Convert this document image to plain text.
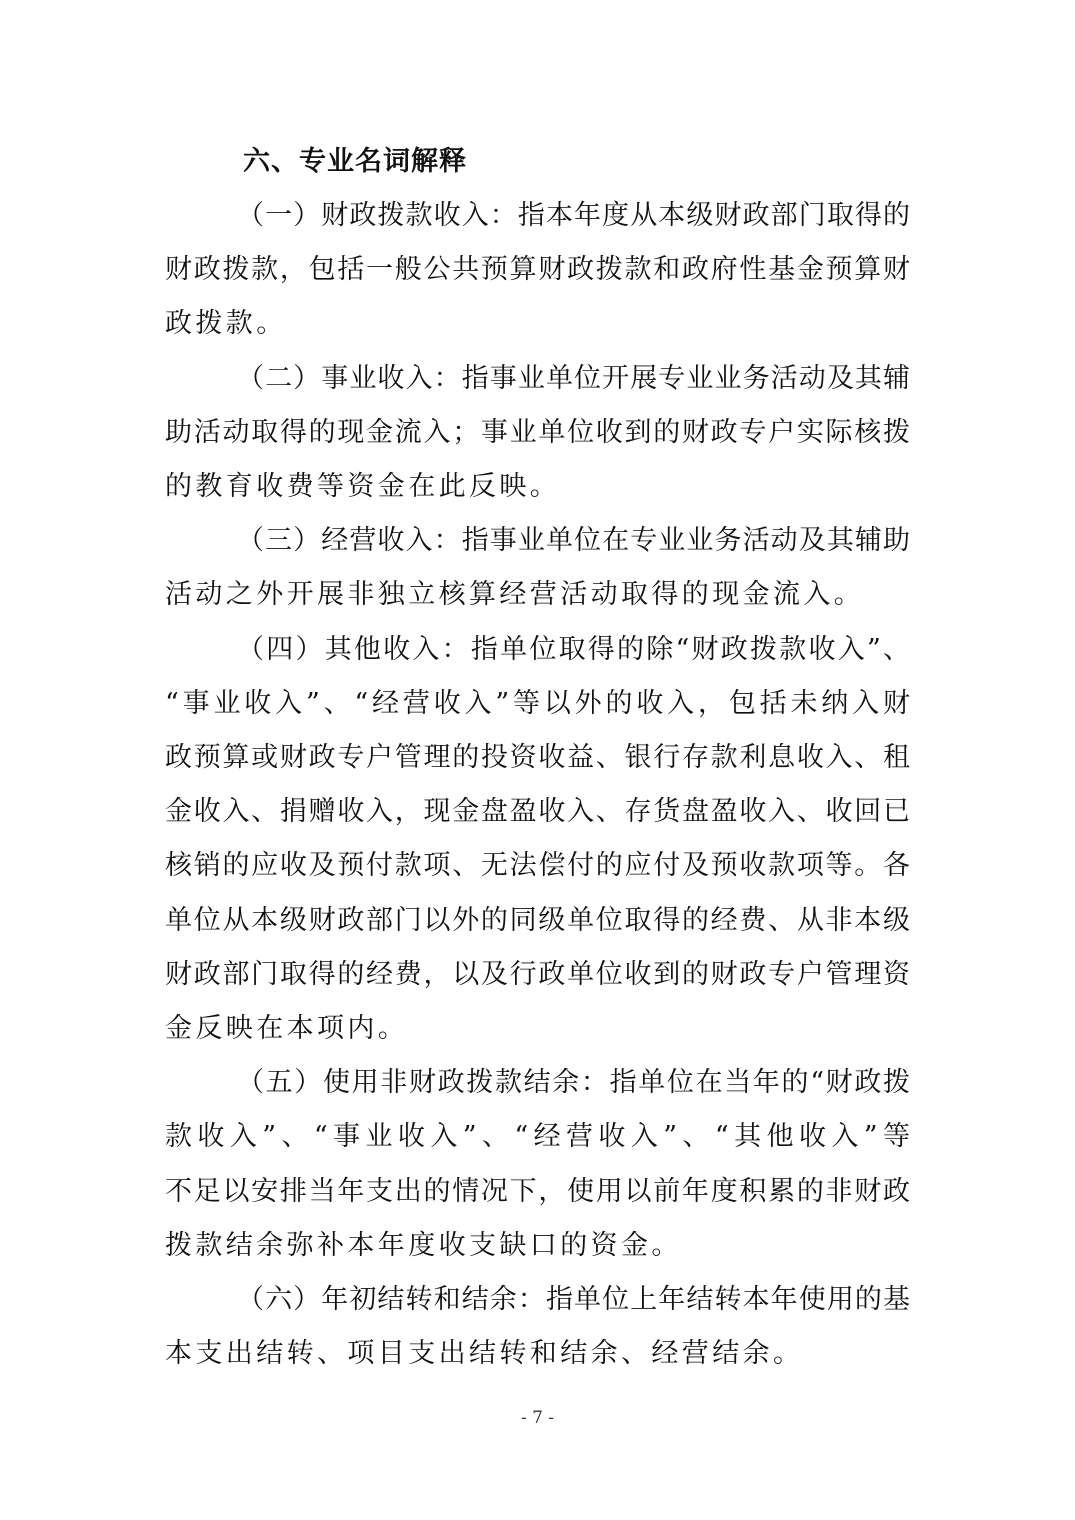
六、专业名词解释
（一）财政拨款收入：指本年度从本级财政部门取得的
财政拨款，包括一般公共预算财政拨款和政府性基金预算财
政拨款。
（二）事业收入：指事业单位开展专业业务活动及其辅
助活动取得的现金流入；事业单位收到的财政专户实际核拨
的教育收费等资金在此反映。
（三）经营收入：指事业单位在专业业务活动及其辅助
活动之外开展非独立核算经营活动取得的现金流入。
（四）其他收入：指单位取得的除“财政拨款收入”、
“事业收入”、“经营收入”等以外的收入，包括未纳入财
政预算或财政专户管理的投资收益、银行存款利息收入、租
金收入、捐赠收入，现金盘盈收入、存货盘盈收入、收回已
核销的应收及预付款项、无法偿付的应付及预收款项等。各
单位从本级财政部门以外的同级单位取得的经费、从非本级
财政部门取得的经费，以及行政单位收到的财政专户管理资
金反映在本项内。
（五）使用非财政拨款结余：指单位在当年的“财政拨
款收入”、“事业收入”、“经营收入”、“其他收入”等
不足以安排当年支出的情况下，使用以前年度积累的非财政
拨款结余弥补本年度收支缺口的资金。
（六）年初结转和结余：指单位上年结转本年使用的基
本支出结转、项目支出结转和结余、经营结余。
- 7 -
